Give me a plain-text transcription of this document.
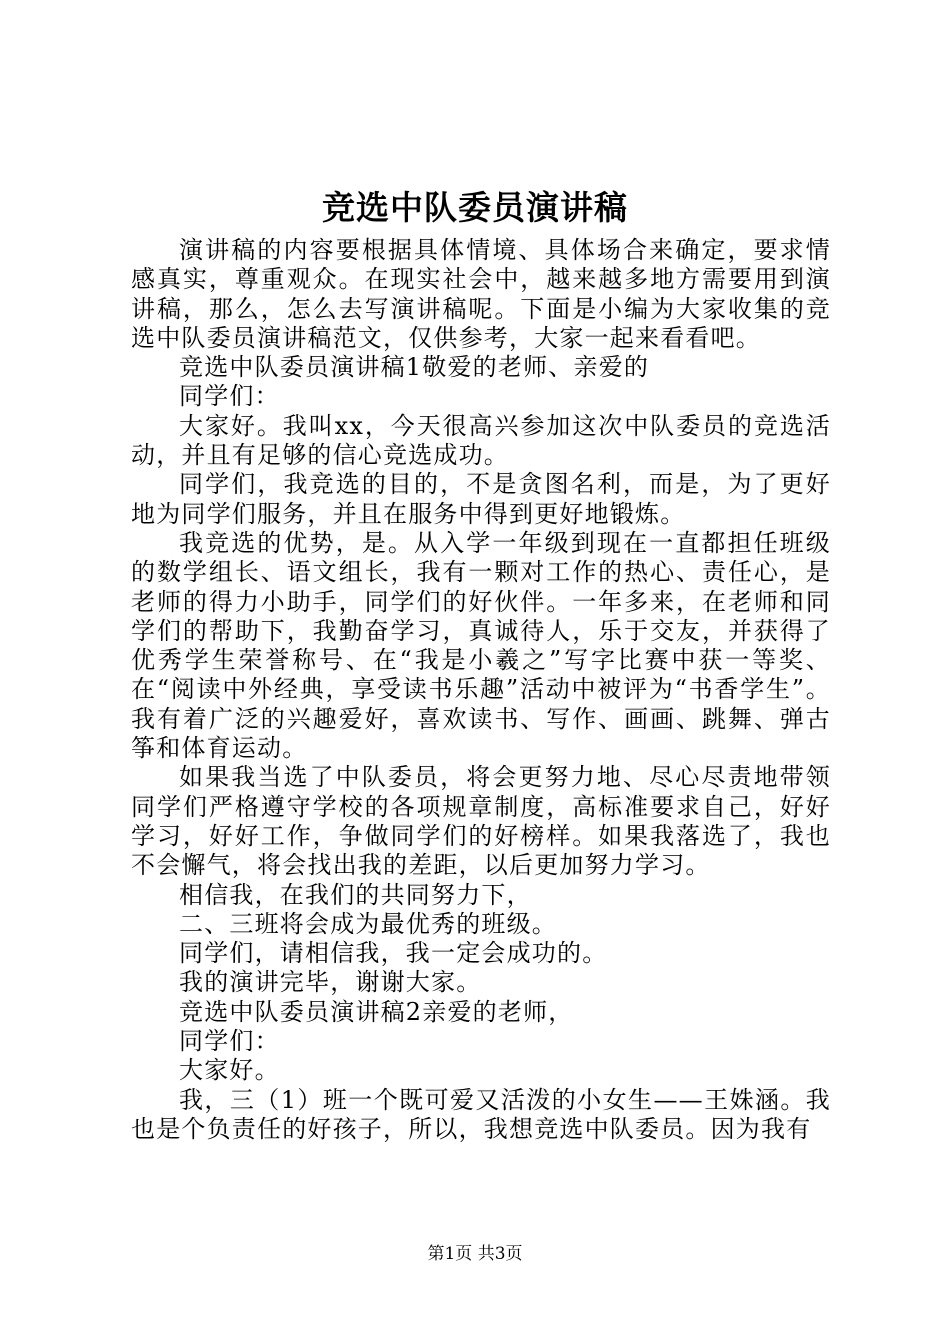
竞选中队委员演讲稿

演讲稿的内容要根据具体情境、具体场合来确定，要求情感真实，尊重观众。在现实社会中，越来越多地方需要用到演讲稿，那么，怎么去写演讲稿呢。下面是小编为大家收集的竞选中队委员演讲稿范文，仅供参考，大家一起来看看吧。

竞选中队委员演讲稿1敬爱的老师、亲爱的

同学们：

大家好。我叫xx，今天很高兴参加这次中队委员的竞选活动，并且有足够的信心竞选成功。

同学们，我竞选的目的，不是贪图名利，而是，为了更好地为同学们服务，并且在服务中得到更好地锻炼。

我竞选的优势，是。从入学一年级到现在一直都担任班级的数学组长、语文组长，我有一颗对工作的热心、责任心，是老师的得力小助手，同学们的好伙伴。一年多来，在老师和同学们的帮助下，我勤奋学习，真诚待人，乐于交友，并获得了优秀学生荣誉称号、在“我是小羲之”写字比赛中获一等奖、在“阅读中外经典，享受读书乐趣”活动中被评为“书香学生”。我有着广泛的兴趣爱好，喜欢读书、写作、画画、跳舞、弹古筝和体育运动。

如果我当选了中队委员，将会更努力地、尽心尽责地带领同学们严格遵守学校的各项规章制度，高标准要求自己，好好学习，好好工作，争做同学们的好榜样。如果我落选了，我也不会懈气，将会找出我的差距，以后更加努力学习。

相信我，在我们的共同努力下，

二、三班将会成为最优秀的班级。

同学们，请相信我，我一定会成功的。

我的演讲完毕，谢谢大家。

竞选中队委员演讲稿2亲爱的老师，

同学们：

大家好。

我，三（1）班一个既可爱又活泼的小女生——王姝涵。我也是个负责任的好孩子，所以，我想竞选中队委员。因为我有

第1页 共3页
